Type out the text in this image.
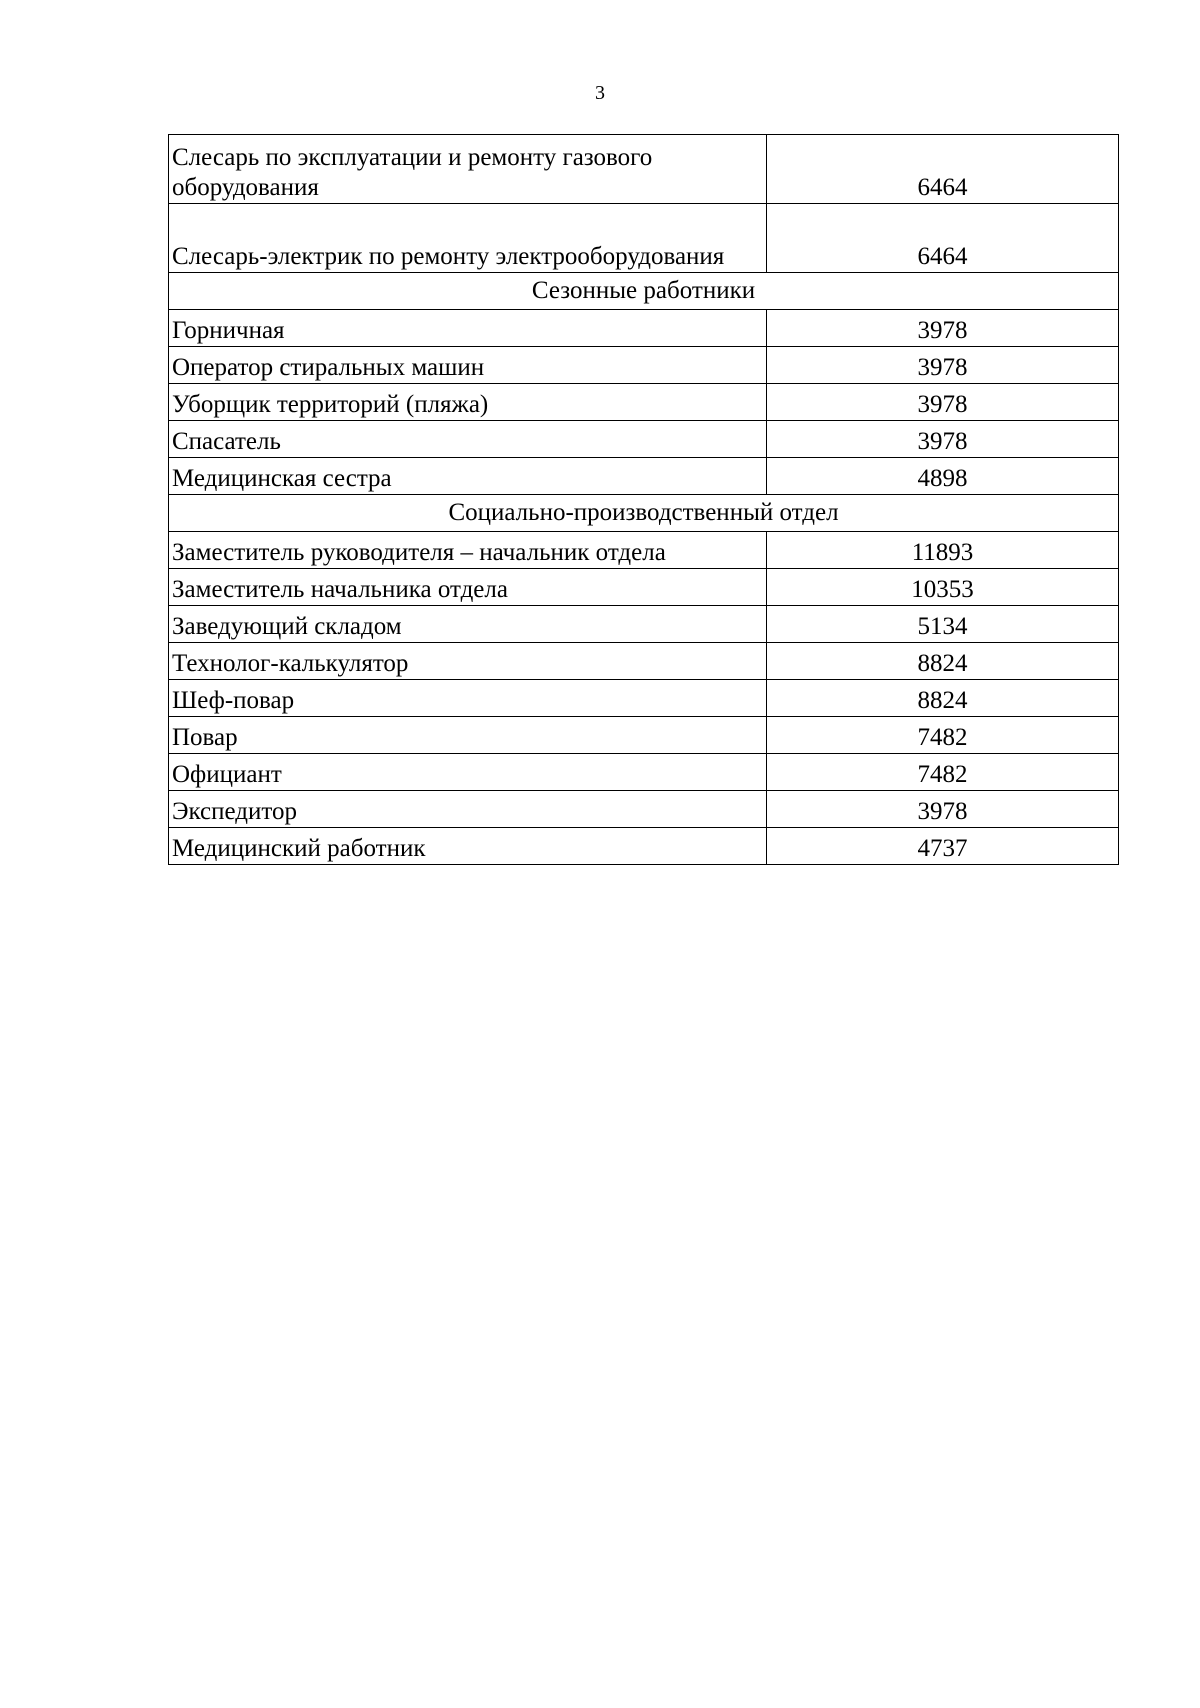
3
Слесарь по эксплуатации и ремонту газового оборудования	6464
Слесарь-электрик по ремонту электрооборудования	6464
Сезонные работники	
Горничная	3978
Оператор стиральных машин	3978
Уборщик территорий (пляжа)	3978
Спасатель	3978
Медицинская сестра	4898
Социально-производственный отдел	
Заместитель руководителя – начальник отдела	11893
Заместитель начальника отдела	10353
Заведующий складом	5134
Технолог-калькулятор	8824
Шеф-повар	8824
Повар	7482
Официант	7482
Экспедитор	3978
Медицинский работник	4737
